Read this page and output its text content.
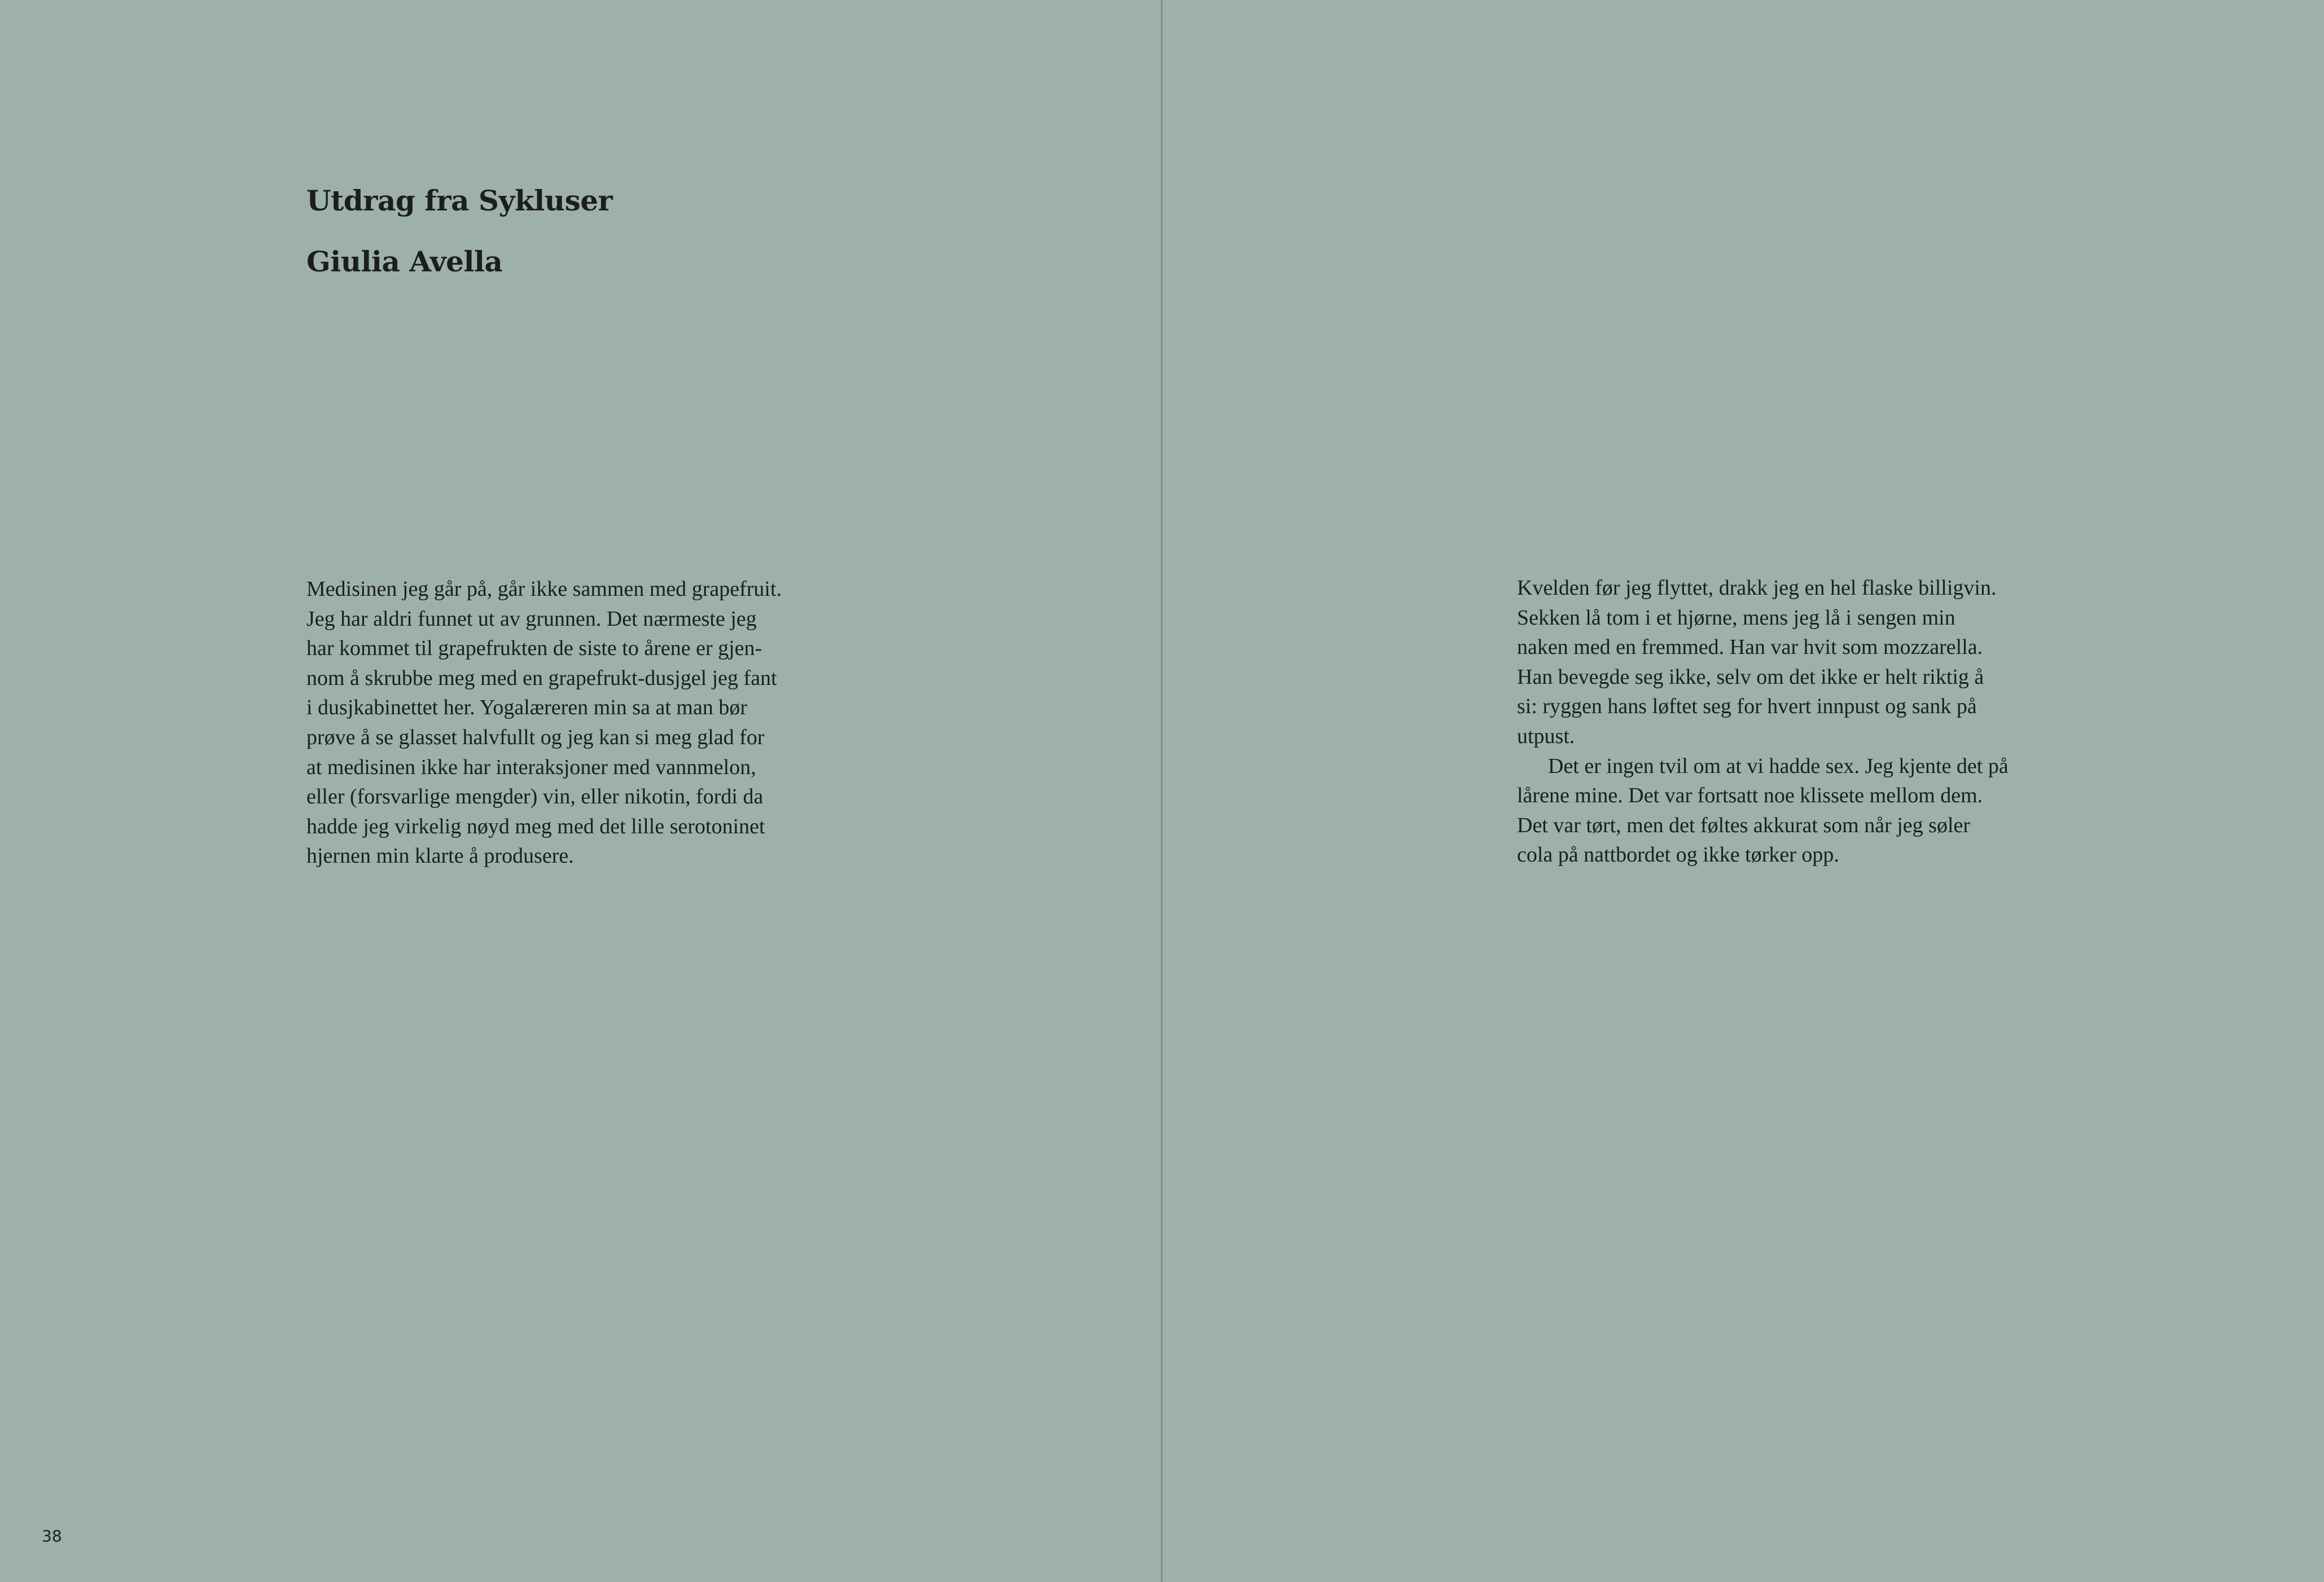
Utdrag fra Sykluser
Giulia Avella
Medisinen jeg går på, går ikke sammen med grapefruit.
Jeg har aldri funnet ut av grunnen. Det nærmeste jeg
har kommet til grapefrukten de siste to årene er gjen-
nom å skrubbe meg med en grapefrukt-dusjgel jeg fant
i dusjkabinettet her. Yogalæreren min sa at man bør
prøve å se glasset halvfullt og jeg kan si meg glad for
at medisinen ikke har interaksjoner med vannmelon,
eller (forsvarlige mengder) vin, eller nikotin, fordi da
hadde jeg virkelig nøyd meg med det lille serotoninet
hjernen min klarte å produsere.
38
Kvelden før jeg flyttet, drakk jeg en hel flaske billigvin.
Sekken lå tom i et hjørne, mens jeg lå i sengen min
naken med en fremmed. Han var hvit som mozzarella.
Han bevegde seg ikke, selv om det ikke er helt riktig å
si: ryggen hans løftet seg for hvert innpust og sank på
utpust.
Det er ingen tvil om at vi hadde sex. Jeg kjente det på
lårene mine. Det var fortsatt noe klissete mellom dem.
Det var tørt, men det føltes akkurat som når jeg søler
cola på nattbordet og ikke tørker opp.
